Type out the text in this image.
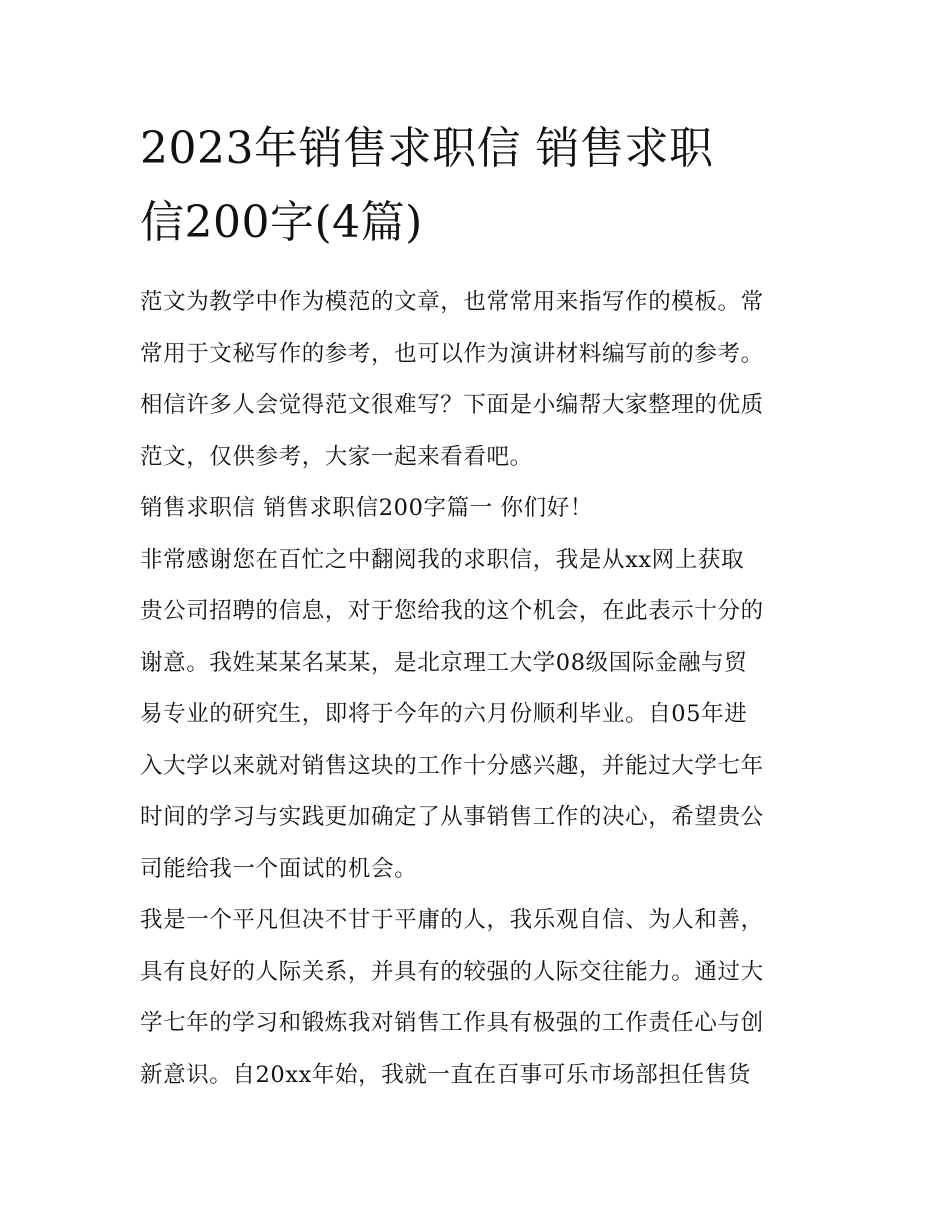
2023年销售求职信 销售求职
信200字(4篇)
范文为教学中作为模范的文章，也常常用来指写作的模板。常
常用于文秘写作的参考，也可以作为演讲材料编写前的参考。
相信许多人会觉得范文很难写？下面是小编帮大家整理的优质
范文，仅供参考，大家一起来看看吧。
销售求职信 销售求职信200字篇一 你们好！
非常感谢您在百忙之中翻阅我的求职信，我是从xx网上获取
贵公司招聘的信息，对于您给我的这个机会，在此表示十分的
谢意。我姓某某名某某，是北京理工大学08级国际金融与贸
易专业的研究生，即将于今年的六月份顺利毕业。自05年进
入大学以来就对销售这块的工作十分感兴趣，并能过大学七年
时间的学习与实践更加确定了从事销售工作的决心，希望贵公
司能给我一个面试的机会。
我是一个平凡但决不甘于平庸的人，我乐观自信、为人和善，
具有良好的人际关系，并具有的较强的人际交往能力。通过大
学七年的学习和锻炼我对销售工作具有极强的工作责任心与创
新意识。自20xx年始，我就一直在百事可乐市场部担任售货
